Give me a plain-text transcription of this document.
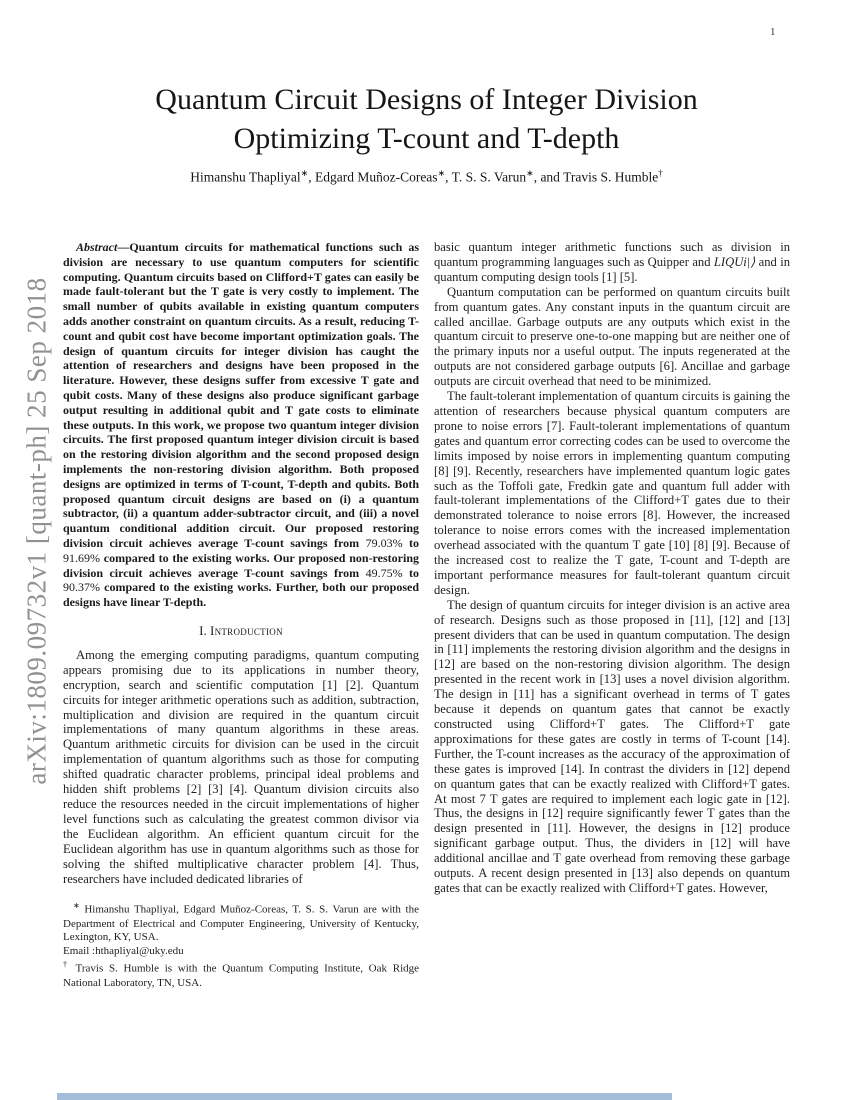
1
arXiv:1809.09732v1 [quant-ph] 25 Sep 2018
Quantum Circuit Designs of Integer Division
Optimizing T-count and T-depth
Himanshu Thapliyal∗, Edgard Muñoz-Coreas∗, T. S. S. Varun∗, and Travis S. Humble†

Abstract—Quantum circuits for mathematical functions such as division are necessary to use quantum computers for scientific computing. Quantum circuits based on Clifford+T gates can easily be made fault-tolerant but the T gate is very costly to implement. The small number of qubits available in existing quantum computers adds another constraint on quantum circuits. As a result, reducing T-count and qubit cost have become important optimization goals. The design of quantum circuits for integer division has caught the attention of researchers and designs have been proposed in the literature. However, these designs suffer from excessive T gate and qubit costs. Many of these designs also produce significant garbage output resulting in additional qubit and T gate costs to eliminate these outputs. In this work, we propose two quantum integer division circuits. The first proposed quantum integer division circuit is based on the restoring division algorithm and the second proposed design implements the non-restoring division algorithm. Both proposed designs are optimized in terms of T-count, T-depth and qubits. Both proposed quantum circuit designs are based on (i) a quantum subtractor, (ii) a quantum adder-subtractor circuit, and (iii) a novel quantum conditional addition circuit. Our proposed restoring division circuit achieves average T-count savings from 79.03% to 91.69% compared to the existing works. Our proposed non-restoring division circuit achieves average T-count savings from 49.75% to 90.37% compared to the existing works. Further, both our proposed designs have linear T-depth.

I. Introduction

Among the emerging computing paradigms, quantum computing appears promising due to its applications in number theory, encryption, search and scientific computation [1] [2]. Quantum circuits for integer arithmetic operations such as addition, subtraction, multiplication and division are required in the quantum circuit implementations of many quantum algorithms in these areas. Quantum arithmetic circuits for division can be used in the circuit implementation of quantum algorithms such as those for computing shifted quadratic character problems, principal ideal problems and hidden shift problems [2] [3] [4]. Quantum division circuits also reduce the resources needed in the circuit implementations of higher level functions such as calculating the greatest common divisor via the Euclidean algorithm. An efficient quantum circuit for the Euclidean algorithm has use in quantum algorithms such as those for solving the shifted multiplicative character problem [4]. Thus, researchers have included dedicated libraries of

∗ Himanshu Thapliyal, Edgard Muñoz-Coreas, T. S. S. Varun are with the Department of Electrical and Computer Engineering, University of Kentucky, Lexington, KY, USA.

Email :hthapliyal@uky.edu

† Travis S. Humble is with the Quantum Computing Institute, Oak Ridge National Laboratory, TN, USA.

basic quantum integer arithmetic functions such as division in quantum programming languages such as Quipper and LIQUi|⟩ and in quantum computing design tools [1] [5].

Quantum computation can be performed on quantum circuits built from quantum gates. Any constant inputs in the quantum circuit are called ancillae. Garbage outputs are any outputs which exist in the quantum circuit to preserve one-to-one mapping but are neither one of the primary inputs nor a useful output. The inputs regenerated at the outputs are not considered garbage outputs [6]. Ancillae and garbage outputs are circuit overhead that need to be minimized.

The fault-tolerant implementation of quantum circuits is gaining the attention of researchers because physical quantum computers are prone to noise errors [7]. Fault-tolerant implementations of quantum gates and quantum error correcting codes can be used to overcome the limits imposed by noise errors in implementing quantum computing [8] [9]. Recently, researchers have implemented quantum logic gates such as the Toffoli gate, Fredkin gate and quantum full adder with fault-tolerant implementations of the Clifford+T gates due to their demonstrated tolerance to noise errors [8]. However, the increased tolerance to noise errors comes with the increased implementation overhead associated with the quantum T gate [10] [8] [9]. Because of the increased cost to realize the T gate, T-count and T-depth are important performance measures for fault-tolerant quantum circuit design.

The design of quantum circuits for integer division is an active area of research. Designs such as those proposed in [11], [12] and [13] present dividers that can be used in quantum computation. The design in [11] implements the restoring division algorithm and the designs in [12] are based on the non-restoring division algorithm. The design presented in the recent work in [13] uses a novel division algorithm. The design in [11] has a significant overhead in terms of T gates because it depends on quantum gates that cannot be exactly constructed using Clifford+T gates. The Clifford+T gate approximations for these gates are costly in terms of T-count [14]. Further, the T-count increases as the accuracy of the approximation of these gates is improved [14]. In contrast the dividers in [12] depend on quantum gates that can be exactly realized with Clifford+T gates. At most 7 T gates are required to implement each logic gate in [12]. Thus, the designs in [12] require significantly fewer T gates than the design presented in [11]. However, the designs in [12] produce significant garbage output. Thus, the dividers in [12] will have additional ancillae and T gate overhead from removing these garbage outputs. A recent design presented in [13] also depends on quantum gates that can be exactly realized with Clifford+T gates. However,
